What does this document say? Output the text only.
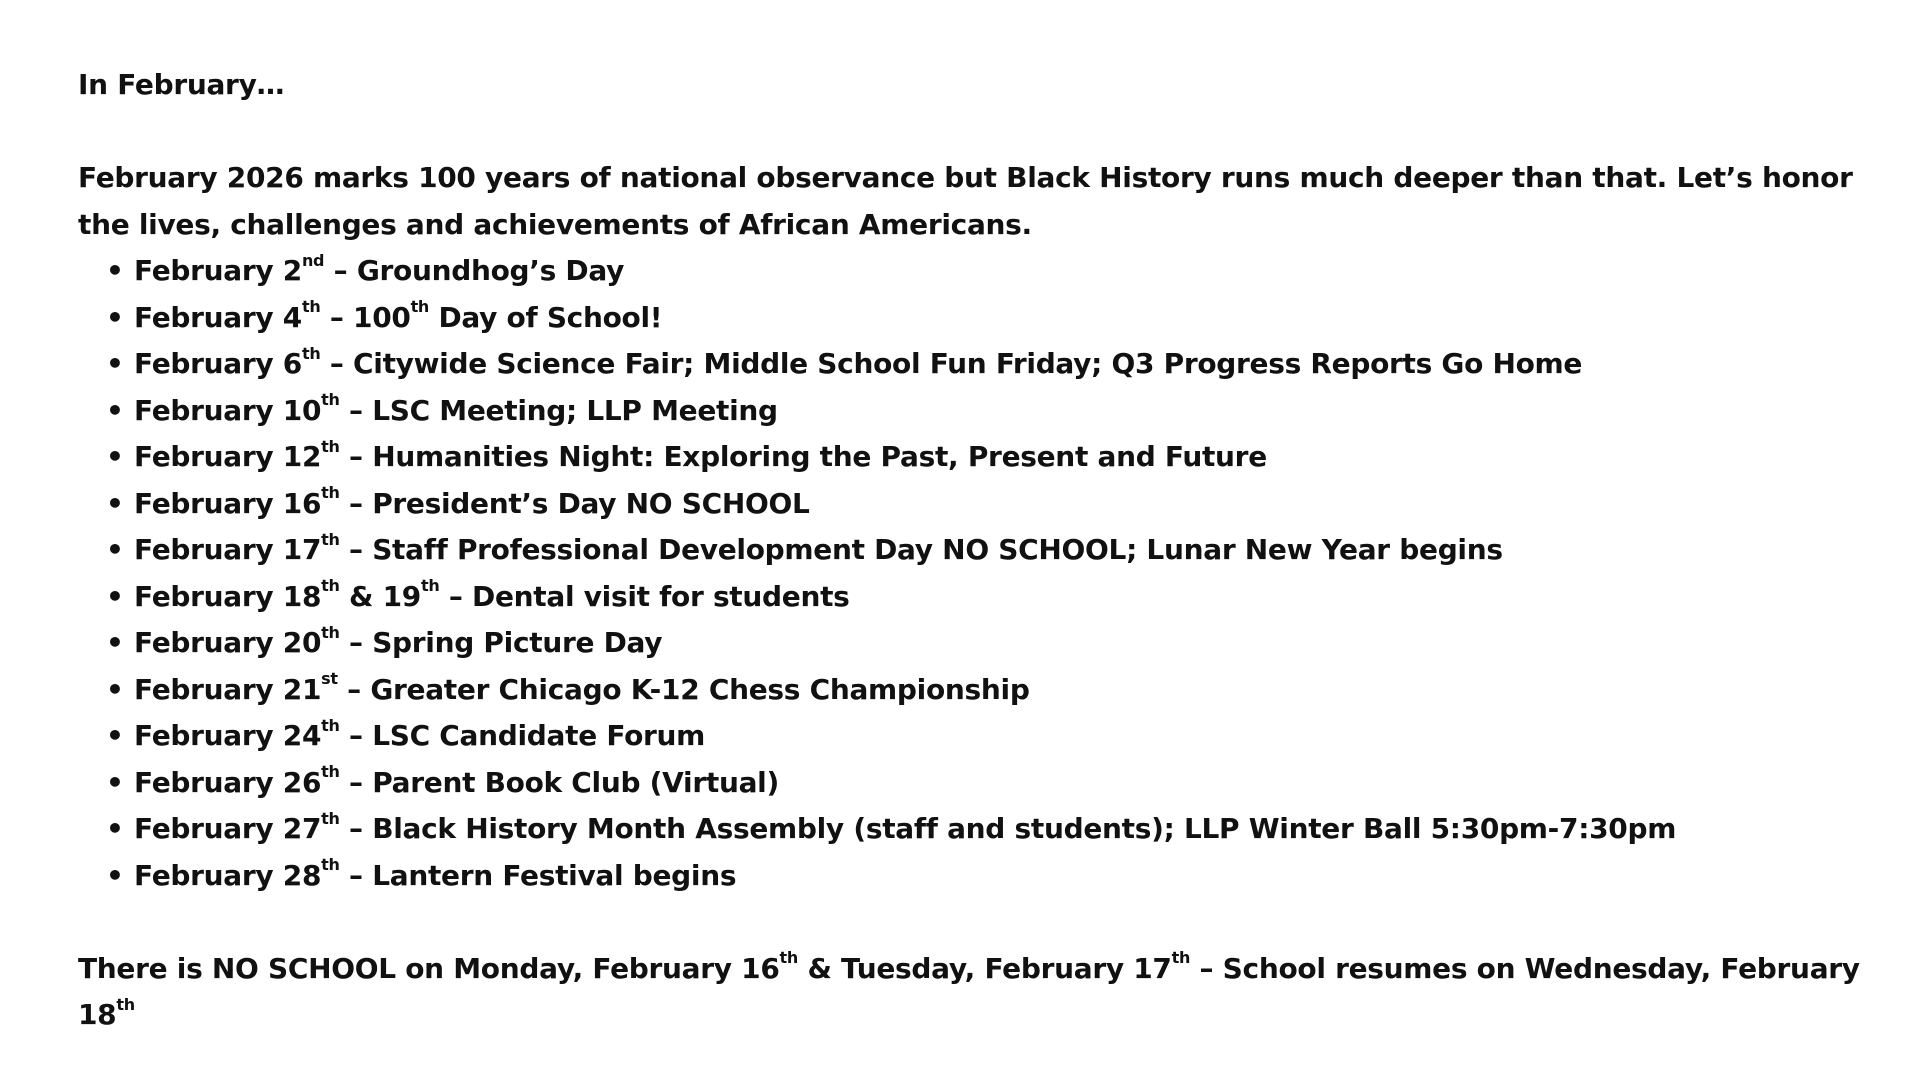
In February…

February 2026 marks 100 years of national observance but Black History runs much deeper than that. Let’s honor the lives, challenges and achievements of African Americans.

• February 2nd – Groundhog’s Day
• February 4th – 100th Day of School!
• February 6th – Citywide Science Fair; Middle School Fun Friday; Q3 Progress Reports Go Home
• February 10th – LSC Meeting; LLP Meeting
• February 12th – Humanities Night: Exploring the Past, Present and Future
• February 16th – President’s Day NO SCHOOL
• February 17th – Staff Professional Development Day NO SCHOOL; Lunar New Year begins
• February 18th & 19th – Dental visit for students
• February 20th – Spring Picture Day
• February 21st – Greater Chicago K-12 Chess Championship
• February 24th – LSC Candidate Forum
• February 26th – Parent Book Club (Virtual)
• February 27th – Black History Month Assembly (staff and students); LLP Winter Ball 5:30pm-7:30pm
• February 28th – Lantern Festival begins

There is NO SCHOOL on Monday, February 16th & Tuesday, February 17th – School resumes on Wednesday, February 18th
